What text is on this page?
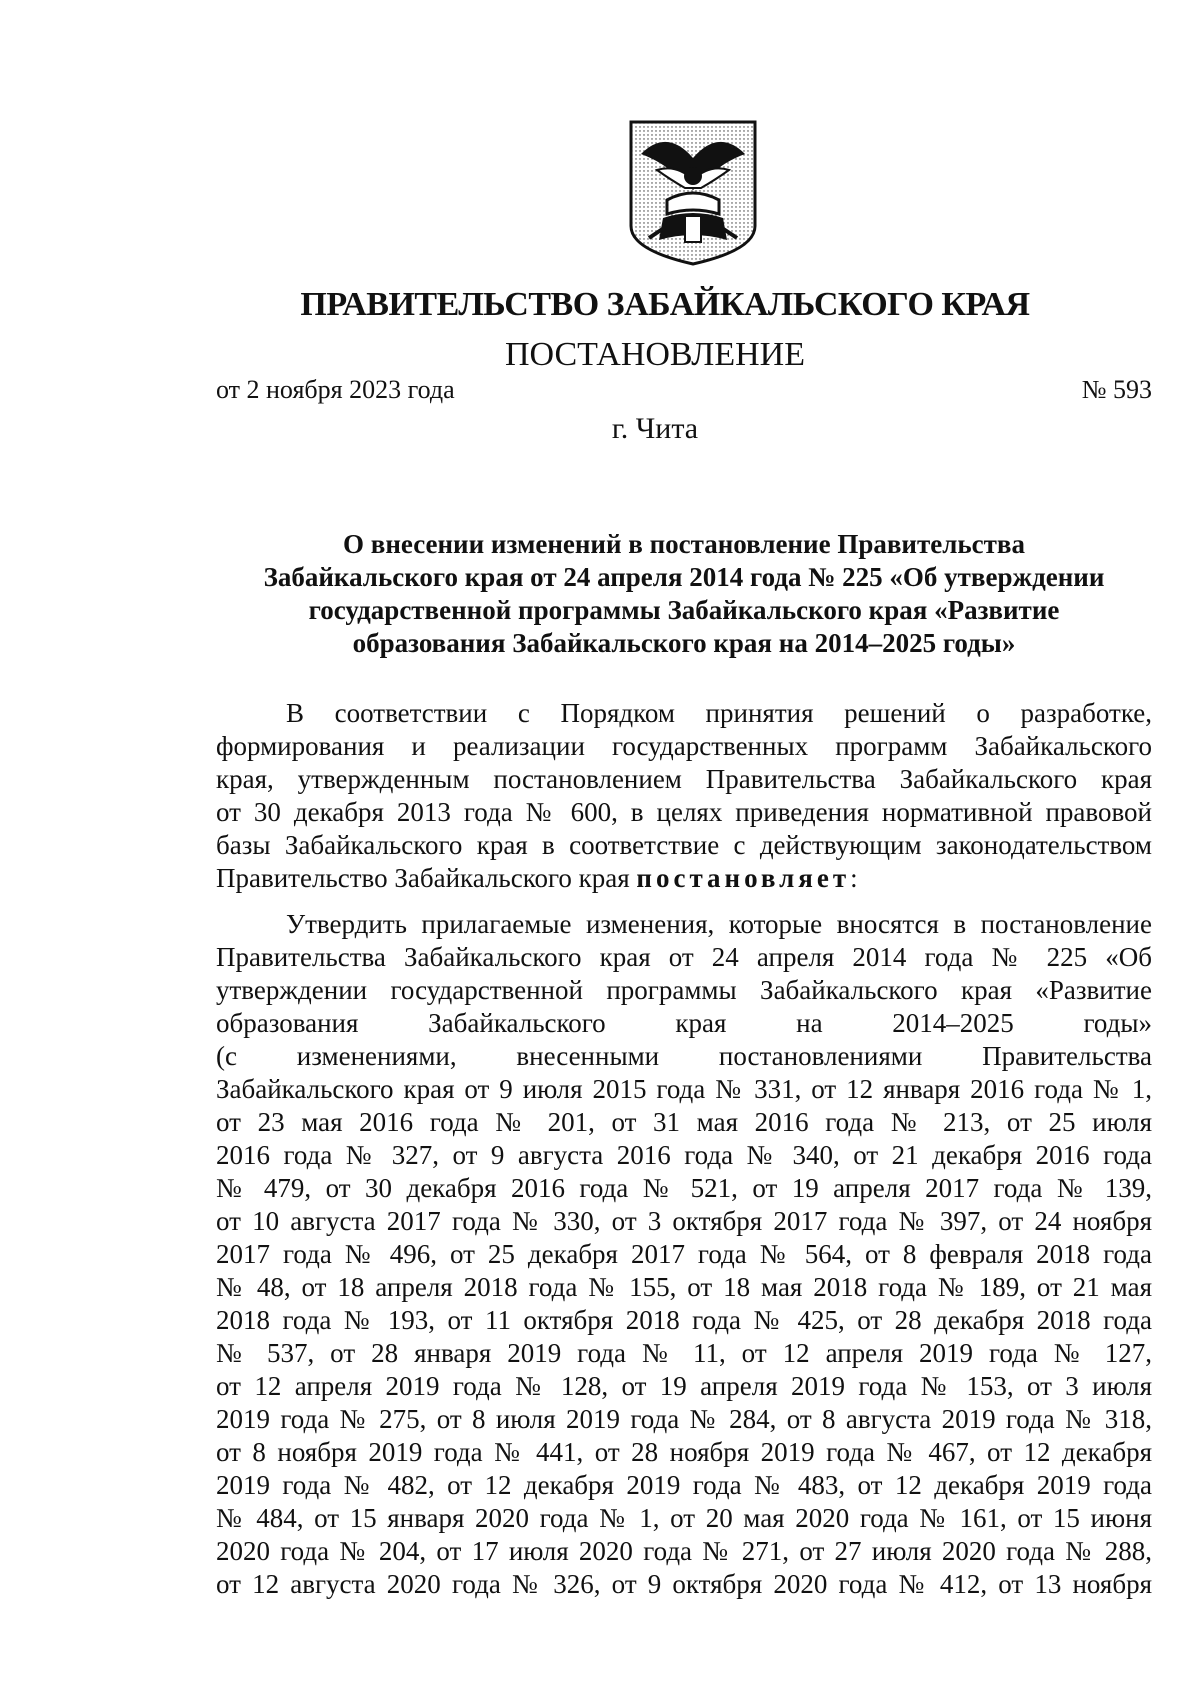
ПРАВИТЕЛЬСТВО ЗАБАЙКАЛЬСКОГО КРАЯ
ПОСТАНОВЛЕНИЕ
от 2 ноября 2023 года	№ 593
г. Чита
О внесении изменений в постановление Правительства
Забайкальского края от 24 апреля 2014 года № 225 «Об утверждении
государственной программы Забайкальского края «Развитие
образования Забайкальского края на 2014–2025 годы»
В соответствии с Порядком принятия решений о разработке,
формирования и реализации государственных программ Забайкальского
края, утвержденным постановлением Правительства Забайкальского края
от 30 декабря 2013 года № 600, в целях приведения нормативной правовой
базы Забайкальского края в соответствие с действующим законодательством
Правительство Забайкальского края постановляет:
Утвердить прилагаемые изменения, которые вносятся в постановление
Правительства Забайкальского края от 24 апреля 2014 года № 225 «Об
утверждении государственной программы Забайкальского края «Развитие
образования Забайкальского края на 2014–2025 годы»
(с изменениями, внесенными постановлениями Правительства
Забайкальского края от 9 июля 2015 года № 331, от 12 января 2016 года № 1,
от 23 мая 2016 года № 201, от 31 мая 2016 года № 213, от 25 июля
2016 года № 327, от 9 августа 2016 года № 340, от 21 декабря 2016 года
№ 479, от 30 декабря 2016 года № 521, от 19 апреля 2017 года № 139,
от 10 августа 2017 года № 330, от 3 октября 2017 года № 397, от 24 ноября
2017 года № 496, от 25 декабря 2017 года № 564, от 8 февраля 2018 года
№ 48, от 18 апреля 2018 года № 155, от 18 мая 2018 года № 189, от 21 мая
2018 года № 193, от 11 октября 2018 года № 425, от 28 декабря 2018 года
№ 537, от 28 января 2019 года № 11, от 12 апреля 2019 года № 127,
от 12 апреля 2019 года № 128, от 19 апреля 2019 года № 153, от 3 июля
2019 года № 275, от 8 июля 2019 года № 284, от 8 августа 2019 года № 318,
от 8 ноября 2019 года № 441, от 28 ноября 2019 года № 467, от 12 декабря
2019 года № 482, от 12 декабря 2019 года № 483, от 12 декабря 2019 года
№ 484, от 15 января 2020 года № 1, от 20 мая 2020 года № 161, от 15 июня
2020 года № 204, от 17 июля 2020 года № 271, от 27 июля 2020 года № 288,
от 12 августа 2020 года № 326, от 9 октября 2020 года № 412, от 13 ноября
